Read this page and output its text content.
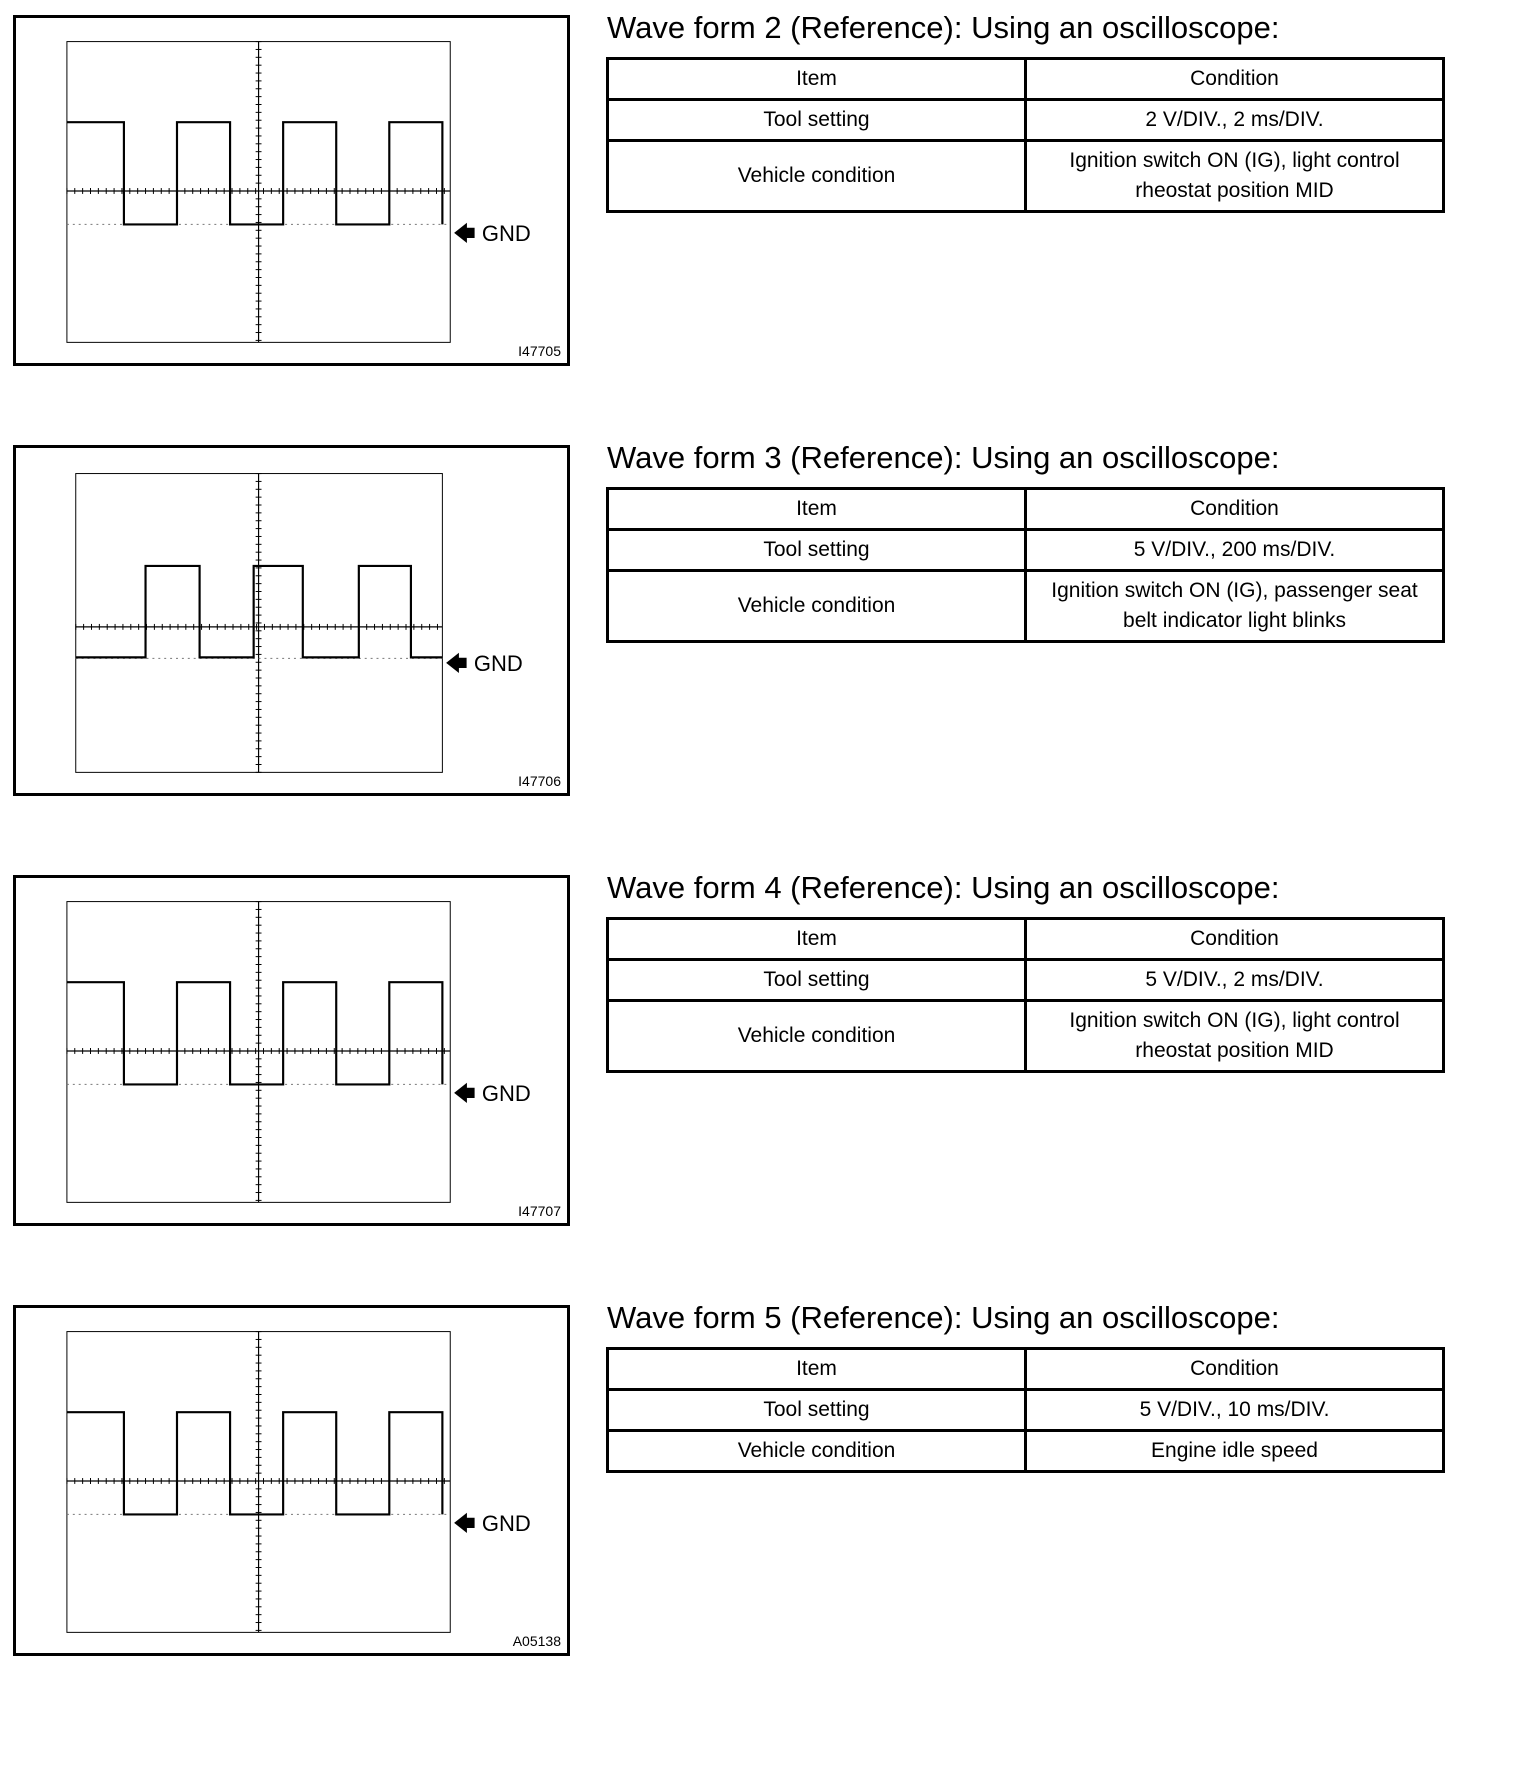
🡄 GND
I47705
Wave form 2 (Reference): Using an oscilloscope:
Item	Condition
Tool setting	2 V/DIV., 2 ms/DIV.
Vehicle condition	Ignition switch ON (IG), light control rheostat position MID
🡄 GND
I47706
Wave form 3 (Reference): Using an oscilloscope:
Item	Condition
Tool setting	5 V/DIV., 200 ms/DIV.
Vehicle condition	Ignition switch ON (IG), passenger seat belt indicator light blinks
🡄 GND
I47707
Wave form 4 (Reference): Using an oscilloscope:
Item	Condition
Tool setting	5 V/DIV., 2 ms/DIV.
Vehicle condition	Ignition switch ON (IG), light control rheostat position MID
🡄 GND
A05138
Wave form 5 (Reference): Using an oscilloscope:
Item	Condition
Tool setting	5 V/DIV., 10 ms/DIV.
Vehicle condition	Engine idle speed
